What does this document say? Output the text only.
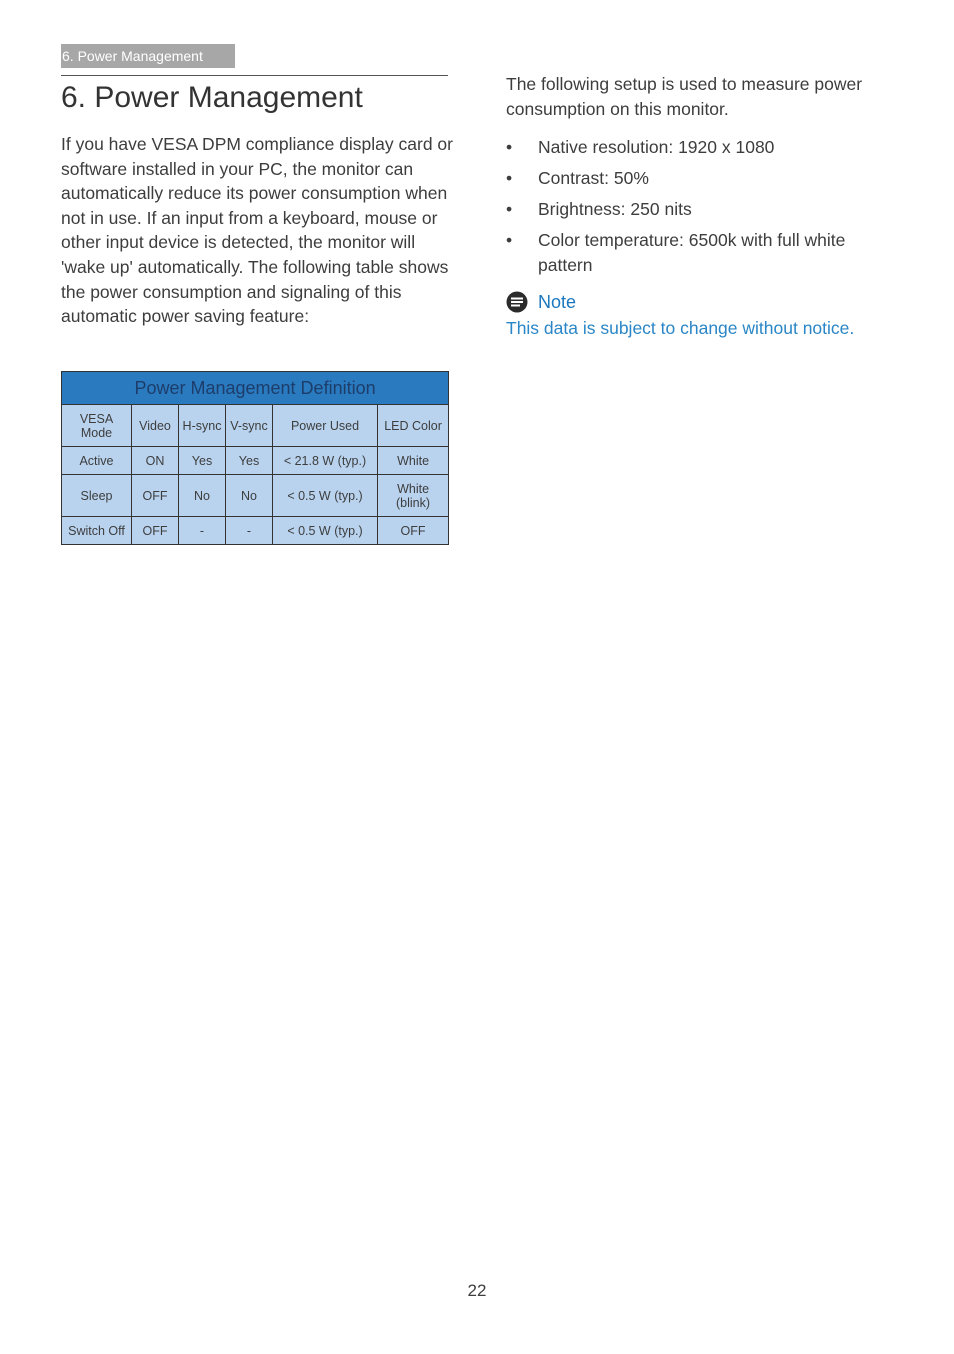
6. Power Management
6. Power Management

If you have VESA DPM compliance display card or software installed in your PC, the monitor can automatically reduce its power consumption when not in use. If an input from a keyboard, mouse or other input device is detected, the monitor will 'wake up' automatically. The following table shows the power consumption and signaling of this automatic power saving feature:

Power Management Definition					
VESA Mode	Video	H-sync	V-sync	Power Used	LED Color
Active	ON	Yes	Yes	< 21.8 W (typ.)	White
Sleep	OFF	No	No	< 0.5 W (typ.)	White (blink)
Switch Off	OFF	-	-	< 0.5 W (typ.)	OFF

The following setup is used to measure power consumption on this monitor.

• Native resolution: 1920 x 1080
• Contrast: 50%
• Brightness: 250 nits
• Color temperature: 6500k with full white pattern
Note

This data is subject to change without notice.

22
